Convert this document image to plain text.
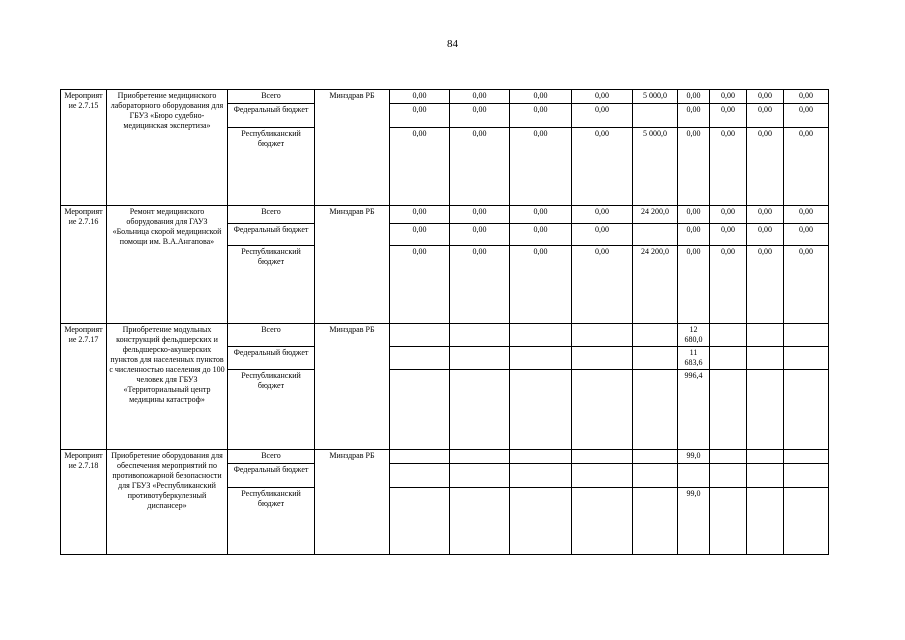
84
Мероприятие 2.7.15	Приобретение медицинского лабораторного оборудования для ГБУЗ «Бюро судебно-медицинская экспертиза»	Всего	Минздрав РБ	0,00	0,00	0,00	0,00	5 000,0	0,00	0,00	0,00	0,00
		Федеральный бюджет		0,00	0,00	0,00	0,00		0,00	0,00	0,00	0,00
		Республиканский бюджет		0,00	0,00	0,00	0,00	5 000,0	0,00	0,00	0,00	0,00
Мероприятие 2.7.16	Ремонт медицинского оборудования для ГАУЗ «Больница скорой медицинской помощи им. В.А.Ангапова»	Всего	Минздрав РБ	0,00	0,00	0,00	0,00	24 200,0	0,00	0,00	0,00	0,00
		Федеральный бюджет		0,00	0,00	0,00	0,00		0,00	0,00	0,00	0,00
		Республиканский бюджет		0,00	0,00	0,00	0,00	24 200,0	0,00	0,00	0,00	0,00
Мероприятие 2.7.17	Приобретение модульных конструкций фельдшерских и фельдшерско-акушерских пунктов для населенных пунктов с численностью населения до 100 человек для ГБУЗ «Территориальный центр медицины катастроф»	Всего	Минздрав РБ						12 680,0			
		Федеральный бюджет							11 683,6			
		Республиканский бюджет							996,4			
Мероприятие 2.7.18	Приобретение оборудования для обеспечения мероприятий по противопожарной безопасности для ГБУЗ «Республиканский противотуберкулезный диспансер»	Всего	Минздрав РБ						99,0			
		Федеральный бюджет										
		Республиканский бюджет							99,0			
